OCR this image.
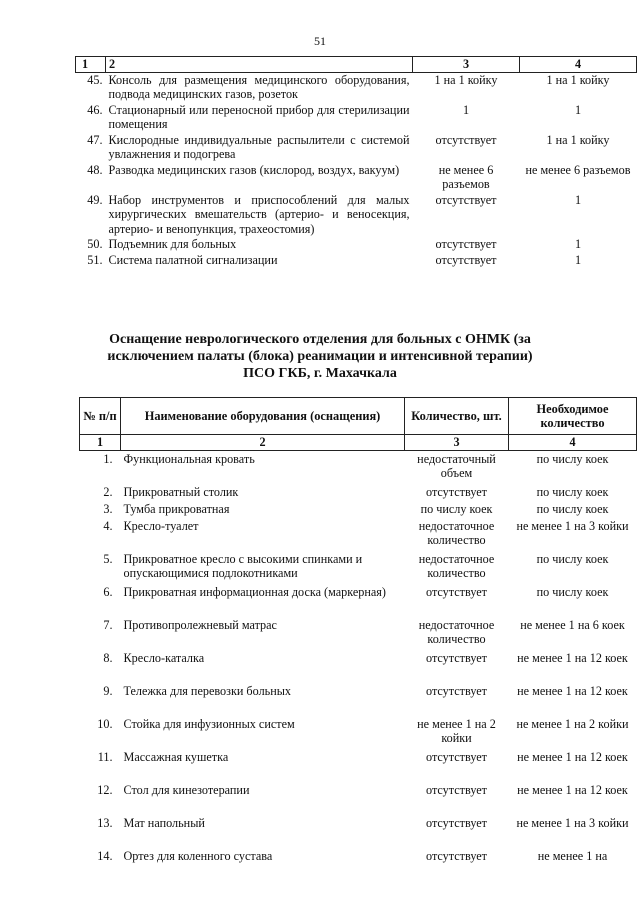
51
1	2	3	4
45.	Консоль для размещения медицинского оборудования, подвода медицинских газов, розеток	1 на 1 койку	1 на 1 койку
46.	Стационарный или переносной прибор для стерилизации помещения	1	1
47.	Кислородные индивидуальные распылители с системой увлажнения и подогрева	отсутствует	1 на 1 койку
48.	Разводка медицинских газов (кислород, воздух, вакуум)	не менее 6 разъемов	не менее 6 разъемов
49.	Набор инструментов и приспособлений для малых хирургических вмешательств (артерио- и веносекция, артерио- и венопункция, трахеостомия)	отсутствует	1
50.	Подъемник для больных	отсутствует	1
51.	Система палатной сигнализации	отсутствует	1
Оснащение неврологического отделения для больных с ОНМК (за исключением палаты (блока) реанимации и интенсивной терапии) ПСО ГКБ, г. Махачкала
№ п/п	Наименование оборудования (оснащения)	Количество, шт.	Необходимое количество
1	2	3	4
1.	Функциональная кровать	недостаточный объем	по числу коек
2.	Прикроватный столик	отсутствует	по числу коек
3.	Тумба прикроватная	по числу коек	по числу коек
4.	Кресло-туалет	недостаточное количество	не менее 1 на 3 койки
5.	Прикроватное кресло с высокими спинками и опускающимися подлокотниками	недостаточное количество	по числу коек
6.	Прикроватная информационная доска (маркерная)	отсутствует	по числу коек
7.	Противопролежневый матрас	недостаточное количество	не менее 1 на 6 коек
8.	Кресло-каталка	отсутствует	не менее 1 на 12 коек
9.	Тележка для перевозки больных	отсутствует	не менее 1 на 12 коек
10.	Стойка для инфузионных систем	не менее 1 на 2 койки	не менее 1 на 2 койки
11.	Массажная кушетка	отсутствует	не менее 1 на 12 коек
12.	Стол для кинезотерапии	отсутствует	не менее 1 на 12 коек
13.	Мат напольный	отсутствует	не менее 1 на 3 койки
14.	Ортез для коленного сустава	отсутствует	не менее 1 на
